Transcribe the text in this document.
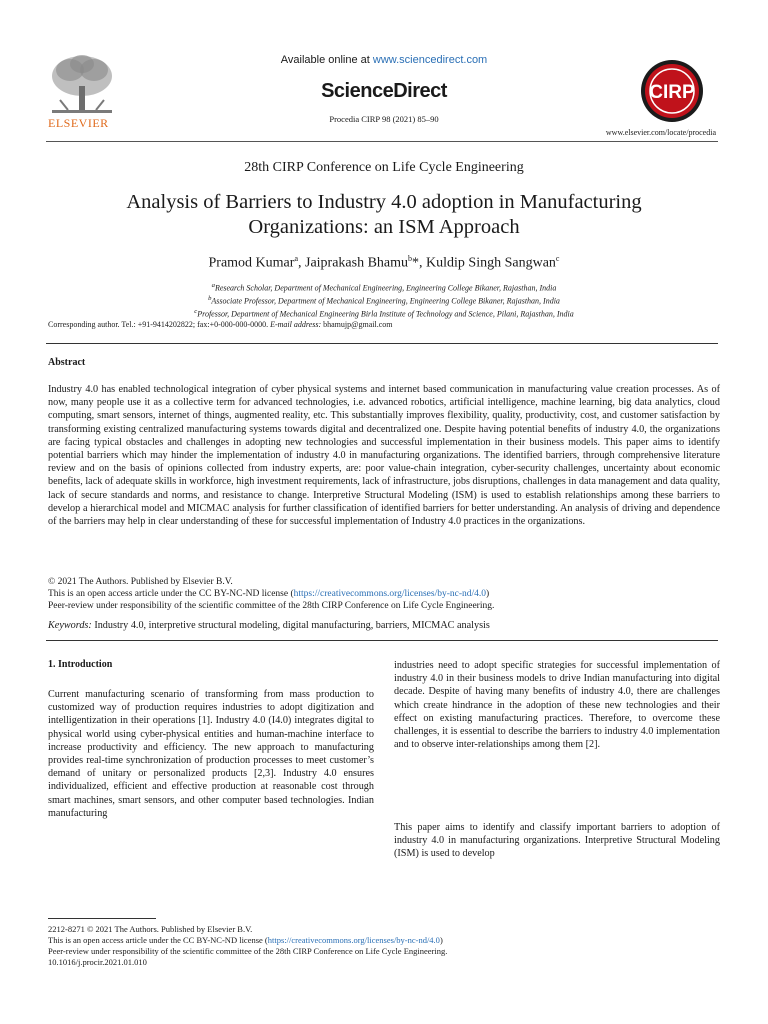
ELSEVIER
Available online at www.sciencedirect.com
ScienceDirect
Procedia CIRP 98 (2021) 85–90
CIRP
www.elsevier.com/locate/procedia
28th CIRP Conference on Life Cycle Engineering
Analysis of Barriers to Industry 4.0 adoption in Manufacturing
Organizations: an ISM Approach
Pramod Kumar$^a$, Jaiprakash Bhamu$^b$*, Kuldip Singh Sangwan$^c$
$^a$Research Scholar, Department of Mechanical Engineering, Engineering College Bikaner, Rajasthan, India
$^b$Associate Professor, Department of Mechanical Engineering, Engineering College Bikaner, Rajasthan, India
$^c$Professor, Department of Mechanical Engineering Birla Institute of Technology and Science, Pilani, Rajasthan, India
Corresponding author. Tel.: +91-9414202822; fax:+0-000-000-0000. E-mail address: bhamujp@gmail.com
Abstract
Industry 4.0 has enabled technological integration of cyber physical systems and internet based communication in manufacturing value creation processes. As of now, many people use it as a collective term for advanced technologies, i.e. advanced robotics, artificial intelligence, machine learning, big data analytics, cloud computing, smart sensors, internet of things, augmented reality, etc. This substantially improves flexibility, quality, productivity, cost, and customer satisfaction by transforming existing centralized manufacturing systems towards digital and decentralized one. Despite having potential benefits of industry 4.0, the organizations are facing typical obstacles and challenges in adopting new technologies and successful implementation in their business models. This paper aims to identify potential barriers which may hinder the implementation of industry 4.0 in manufacturing organizations. The identified barriers, through comprehensive literature review and on the basis of opinions collected from industry experts, are: poor value-chain integration, cyber-security challenges, uncertainty about economic benefits, lack of adequate skills in workforce, high investment requirements, lack of infrastructure, jobs disruptions, challenges in data management and data quality, lack of secure standards and norms, and resistance to change. Interpretive Structural Modeling (ISM) is used to establish relationships among these barriers to develop a hierarchical model and MICMAC analysis for further classification of identified barriers for better understanding. An analysis of driving and dependence of the barriers may help in clear understanding of these for successful implementation of Industry 4.0 practices in the organizations.
© 2021 The Authors. Published by Elsevier B.V.
This is an open access article under the CC BY-NC-ND license (https://creativecommons.org/licenses/by-nc-nd/4.0)
Peer-review under responsibility of the scientific committee of the 28th CIRP Conference on Life Cycle Engineering.
Keywords: Industry 4.0, interpretive structural modeling, digital manufacturing, barriers, MICMAC analysis
1. Introduction
Current manufacturing scenario of transforming from mass production to customized way of production requires industries to adopt digitization and intelligentization in their operations [1]. Industry 4.0 (I4.0) integrates digital to physical world using cyber-physical entities and human-machine interface to increase productivity and efficiency. The new approach to manufacturing provides real-time synchronization of production processes to meet customer’s demand of unitary or personalized products [2,3]. Industry 4.0 ensures individualized, efficient and effective production at reasonable cost through smart machines, smart sensors, and other computer based technologies. Indian manufacturing
industries need to adopt specific strategies for successful implementation of industry 4.0 in their business models to drive Indian manufacturing into digital decade. Despite of having many benefits of industry 4.0, there are challenges which create hindrance in the adoption of these new technologies and their effect on existing manufacturing practices. Therefore, to overcome these challenges, it is essential to describe the barriers to industry 4.0 implementation and to observe inter-relationships among them [2].
This paper aims to identify and classify important barriers to adoption of industry 4.0 in manufacturing organizations. Interpretive Structural Modeling (ISM) is used to develop
2212-8271 © 2021 The Authors. Published by Elsevier B.V.
This is an open access article under the CC BY-NC-ND license (https://creativecommons.org/licenses/by-nc-nd/4.0)
Peer-review under responsibility of the scientific committee of the 28th CIRP Conference on Life Cycle Engineering.
10.1016/j.procir.2021.01.010
